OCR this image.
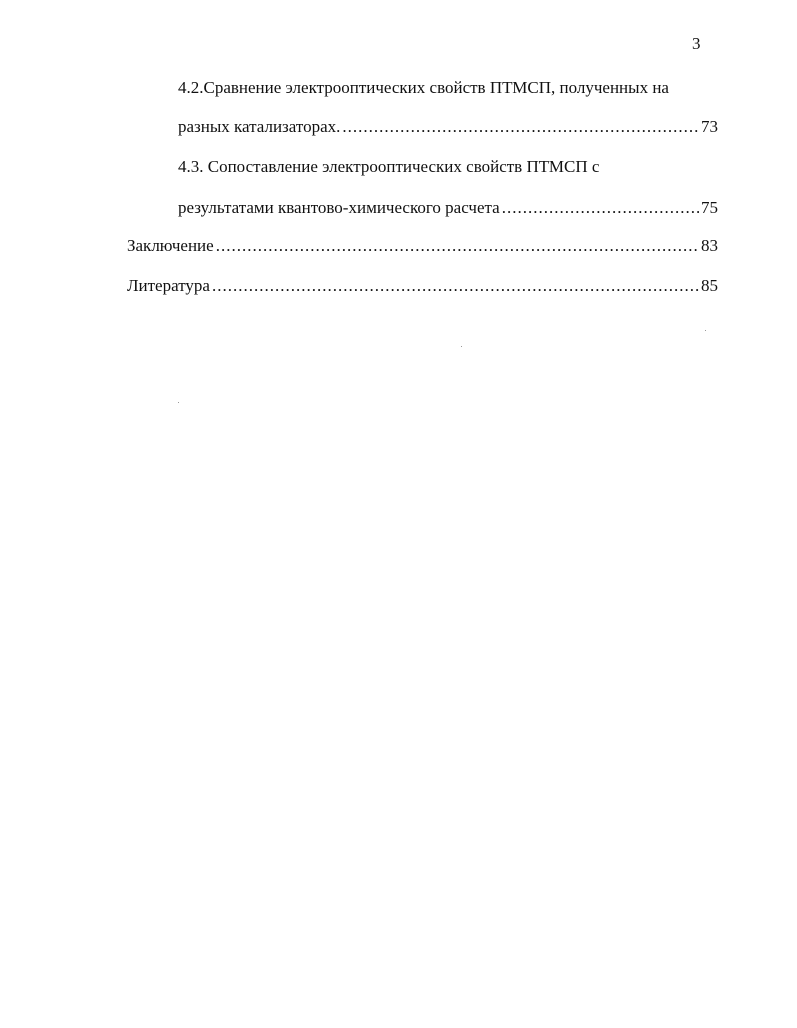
3
4.2.Сравнение электрооптических свойств ПТМСП, полученных на
разных катализаторах. .....	73
4.3. Сопоставление электрооптических свойств ПТМСП с
результатами квантово-химического расчета .....	75
Заключение .....	83
Литература .....	85
